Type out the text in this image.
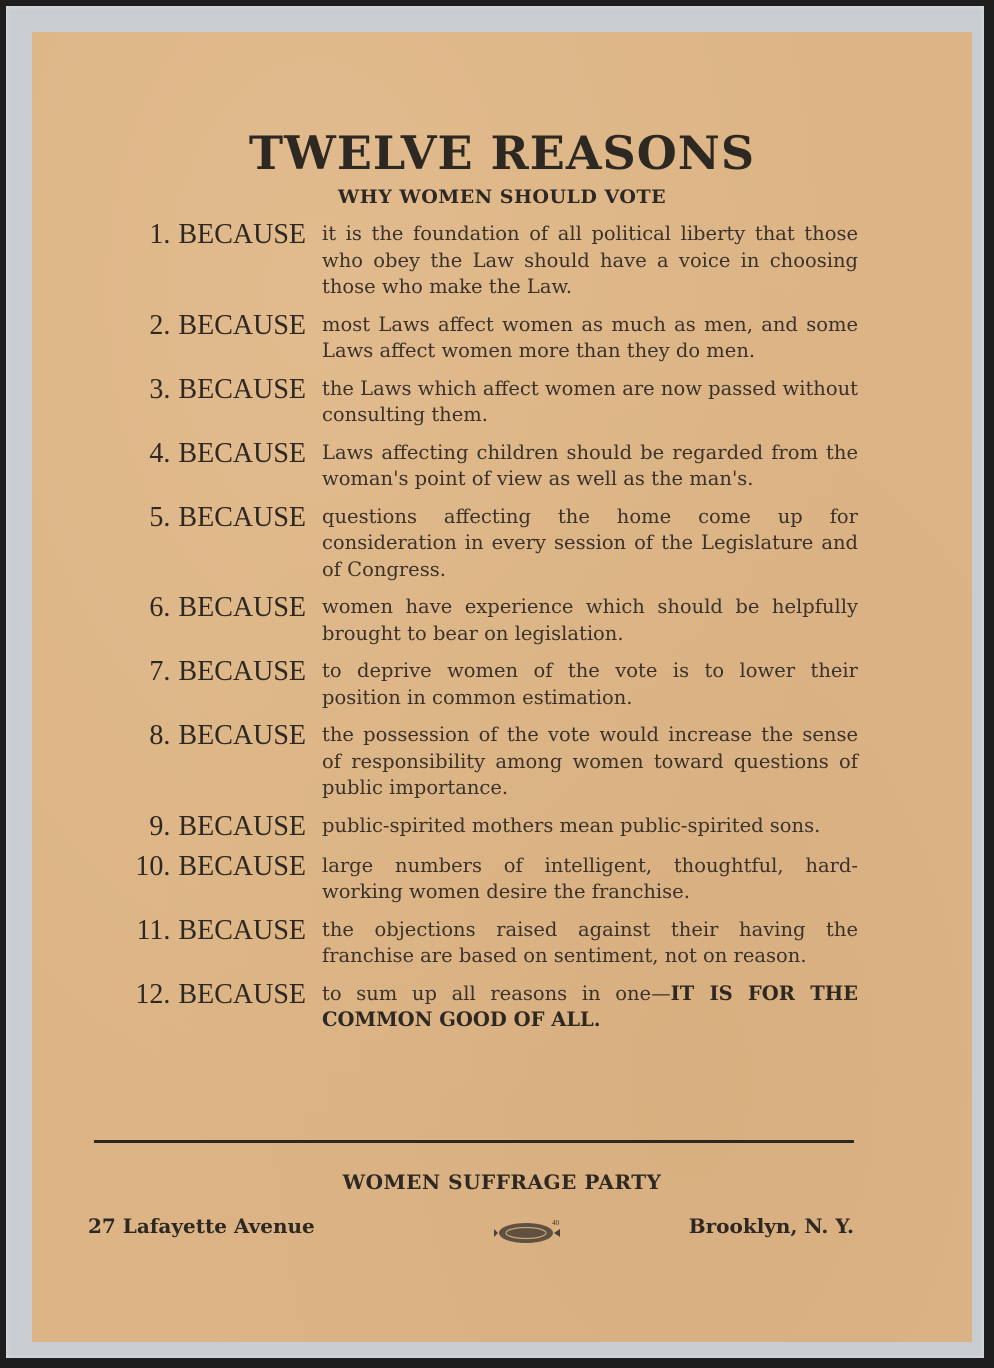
TWELVE REASONS
WHY WOMEN SHOULD VOTE
1. BECAUSE it is the foundation of all political liberty that those who obey the Law should have a voice in choosing those who make the Law.
2. BECAUSE most Laws affect women as much as men, and some Laws affect women more than they do men.
3. BECAUSE the Laws which affect women are now passed without consulting them.
4. BECAUSE Laws affecting children should be regarded from the woman's point of view as well as the man's.
5. BECAUSE questions affecting the home come up for consideration in every session of the Legislature and of Congress.
6. BECAUSE women have experience which should be helpfully brought to bear on legislation.
7. BECAUSE to deprive women of the vote is to lower their position in common estimation.
8. BECAUSE the possession of the vote would increase the sense of responsibility among women toward questions of public importance.
9. BECAUSE public-spirited mothers mean public-spirited sons.
10. BECAUSE large numbers of intelligent, thoughtful, hard-working women desire the franchise.
11. BECAUSE the objections raised against their having the franchise are based on sentiment, not on reason.
12. BECAUSE to sum up all reasons in one—IT IS FOR THE COMMON GOOD OF ALL.
WOMEN SUFFRAGE PARTY
27 Lafayette Avenue	40	Brooklyn, N. Y.
